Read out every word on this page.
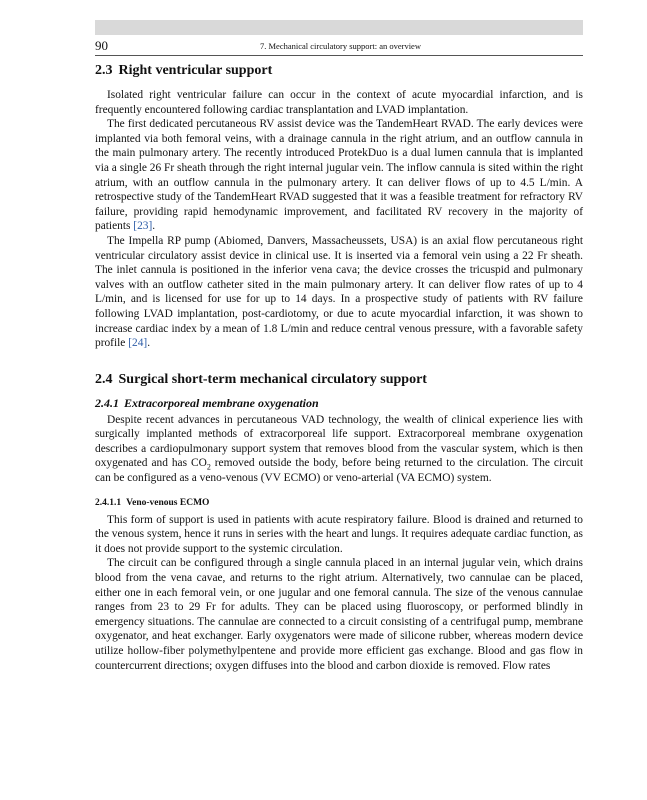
90	7. Mechanical circulatory support: an overview
2.3 Right ventricular support

Isolated right ventricular failure can occur in the context of acute myocardial infarction, and is frequently encountered following cardiac transplantation and LVAD implantation.

The first dedicated percutaneous RV assist device was the TandemHeart RVAD. The early devices were implanted via both femoral veins, with a drainage cannula in the right atrium, and an outflow cannula in the main pulmonary artery. The recently introduced ProtekDuo is a dual lumen cannula that is implanted via a single 26 Fr sheath through the right internal jugular vein. The inflow cannula is sited within the right atrium, with an outflow cannula in the pulmonary artery. It can deliver flows of up to 4.5 L/min. A retrospective study of the TandemHeart RVAD suggested that it was a feasible treatment for refractory RV failure, providing rapid hemodynamic improvement, and facilitated RV recovery in the majority of patients [23].

The Impella RP pump (Abiomed, Danvers, Massacheussets, USA) is an axial flow percutaneous right ventricular circulatory assist device in clinical use. It is inserted via a femoral vein using a 22 Fr sheath. The inlet cannula is positioned in the inferior vena cava; the device crosses the tricuspid and pulmonary valves with an outflow catheter sited in the main pulmonary artery. It can deliver flow rates of up to 4 L/min, and is licensed for use for up to 14 days. In a prospective study of patients with RV failure following LVAD implantation, post-cardiotomy, or due to acute myocardial infarction, it was shown to increase cardiac index by a mean of 1.8 L/min and reduce central venous pressure, with a favorable safety profile [24].

2.4 Surgical short-term mechanical circulatory support
2.4.1 Extracorporeal membrane oxygenation

Despite recent advances in percutaneous VAD technology, the wealth of clinical experience lies with surgically implanted methods of extracorporeal life support. Extracorporeal membrane oxygenation describes a cardiopulmonary support system that removes blood from the vascular system, which is then oxygenated and has $CO_2$ removed outside the body, before being returned to the circulation. The circuit can be configured as a veno-venous (VV ECMO) or veno-arterial (VA ECMO) system.

2.4.1.1 Veno-venous ECMO

This form of support is used in patients with acute respiratory failure. Blood is drained and returned to the venous system, hence it runs in series with the heart and lungs. It requires adequate cardiac function, as it does not provide support to the systemic circulation.

The circuit can be configured through a single cannula placed in an internal jugular vein, which drains blood from the vena cavae, and returns to the right atrium. Alternatively, two cannulae can be placed, either one in each femoral vein, or one jugular and one femoral cannula. The size of the venous cannulae ranges from 23 to 29 Fr for adults. They can be placed using fluoroscopy, or performed blindly in emergency situations. The cannulae are connected to a circuit consisting of a centrifugal pump, membrane oxygenator, and heat exchanger. Early oxygenators were made of silicone rubber, whereas modern device utilize hollow-fiber polymethylpentene and provide more efficient gas exchange. Blood and gas flow in countercurrent directions; oxygen diffuses into the blood and carbon dioxide is removed. Flow rates
